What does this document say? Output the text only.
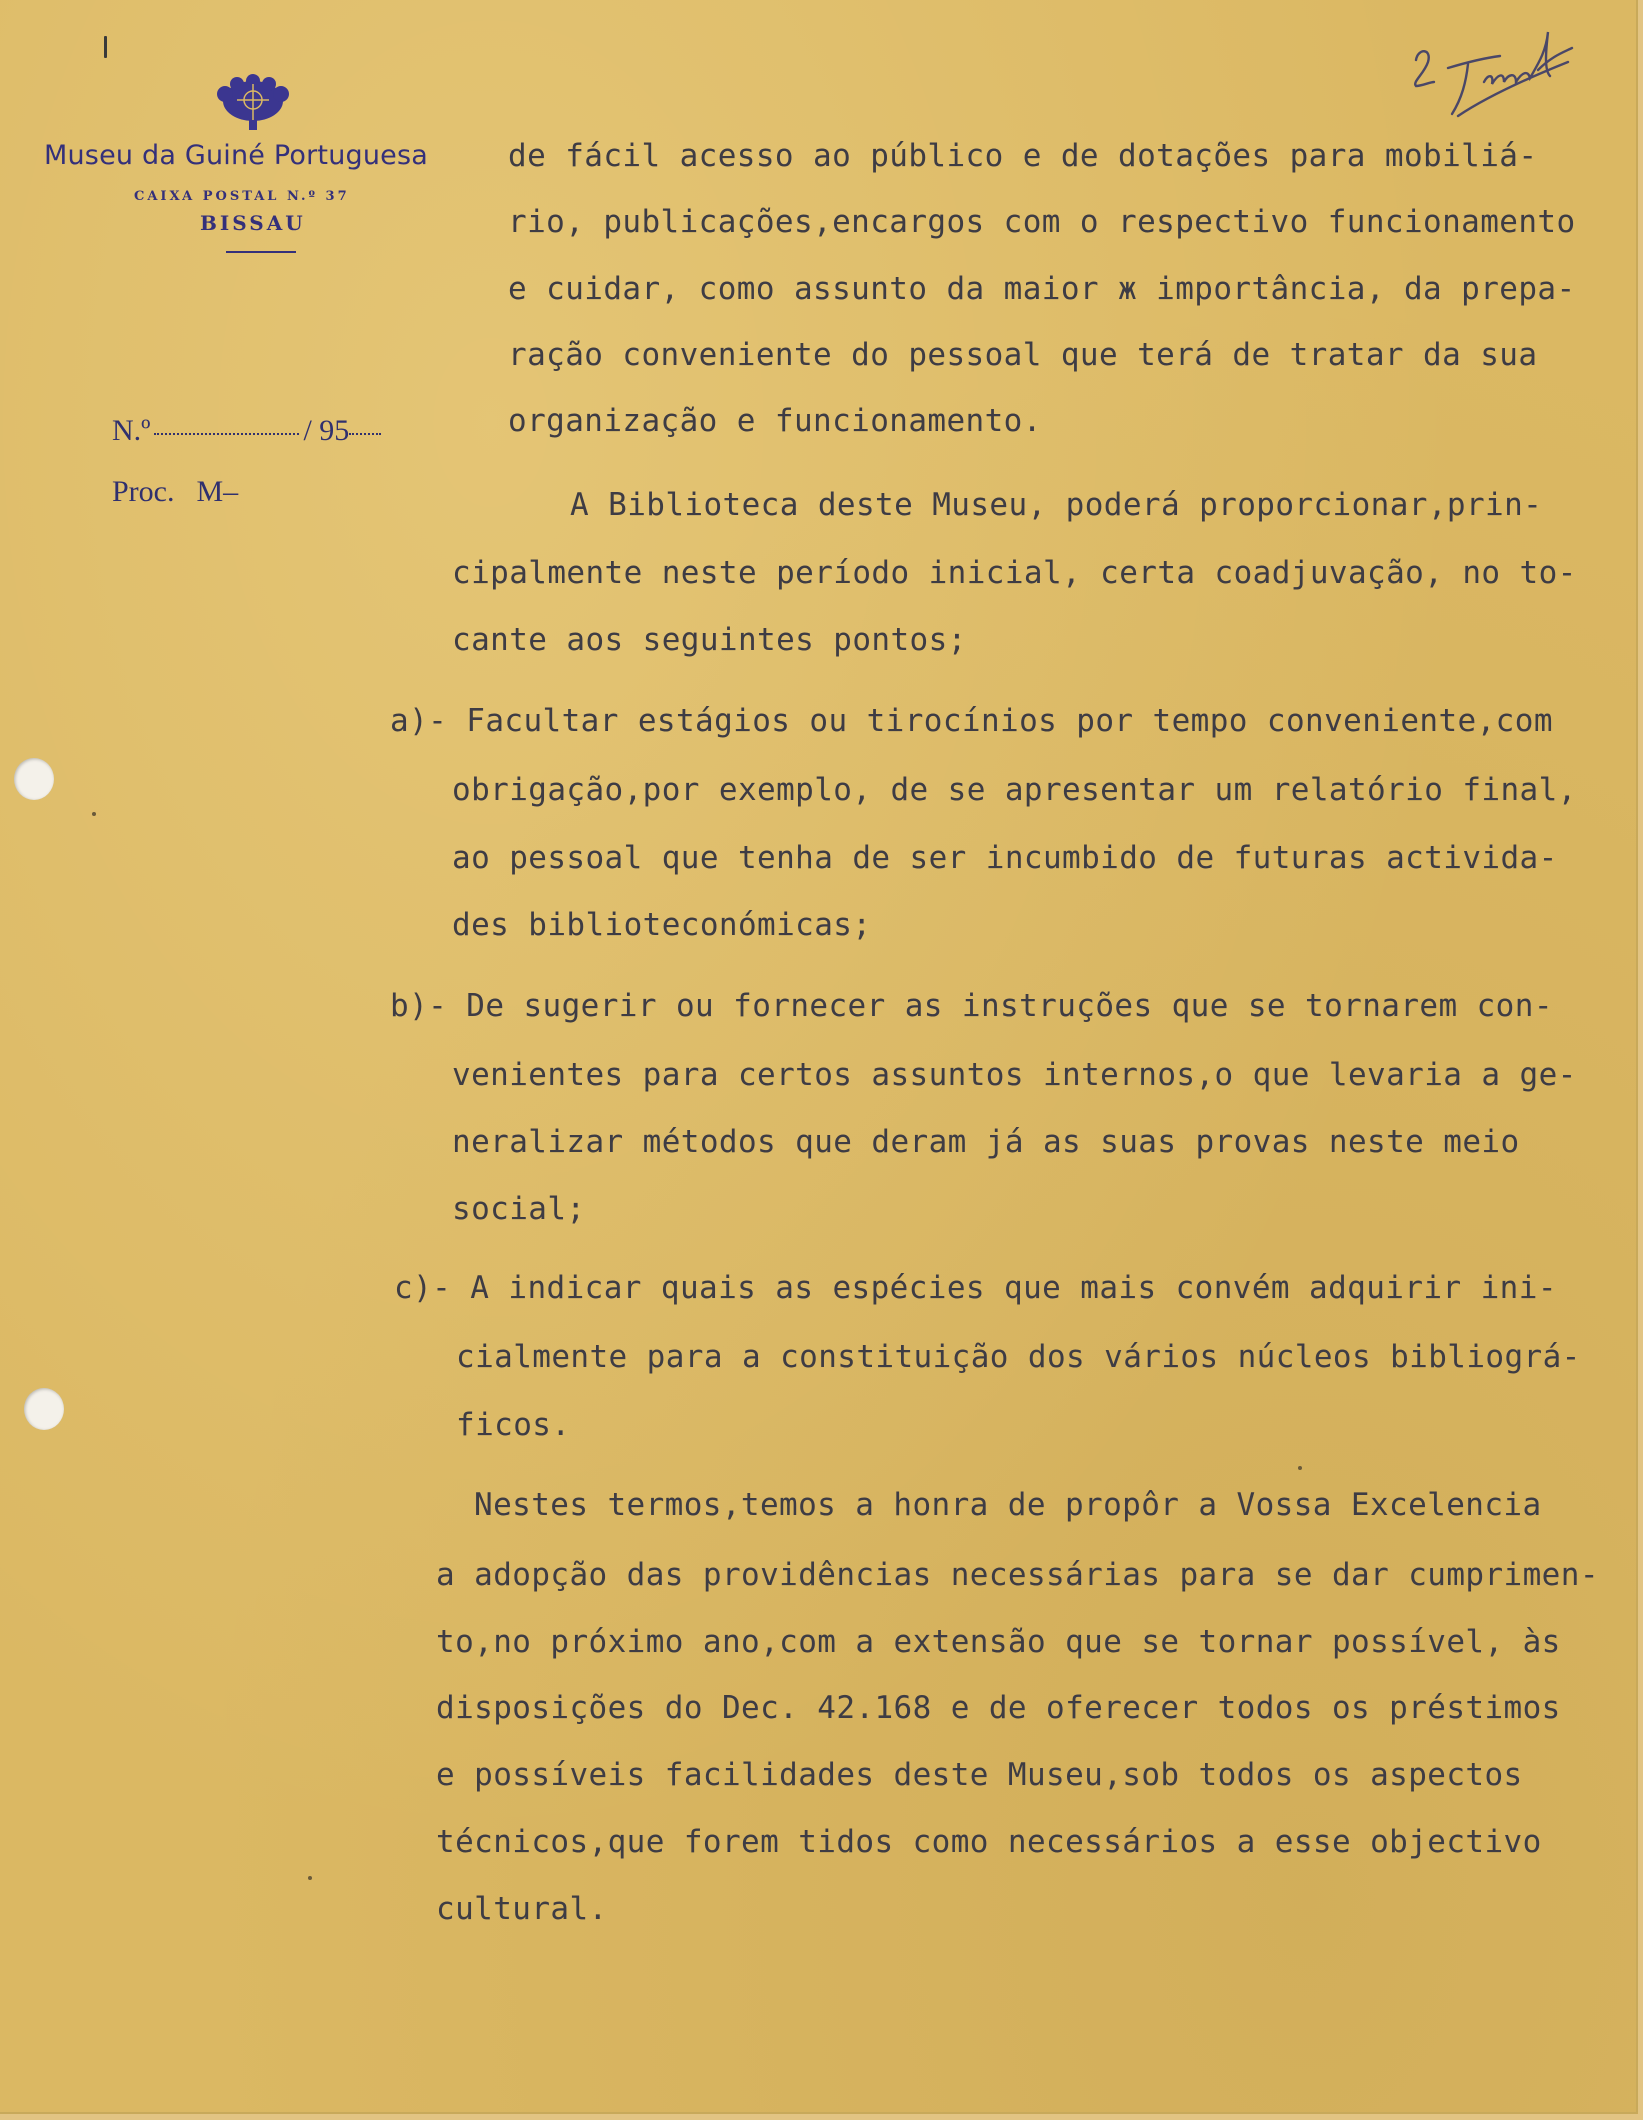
Museu da Guiné Portuguesa
CAIXA POSTAL N.º 37
BISSAU
N.º	/ 95
Proc. M–
de fácil acesso ao público e de dotações para mobiliá-
rio, publicações,encargos com o respectivo funcionamento
e cuidar, como assunto da maior ж importância, da prepa-
ração conveniente do pessoal que terá de tratar da sua
organização e funcionamento.
A Biblioteca deste Museu, poderá proporcionar,prin-
cipalmente neste período inicial, certa coadjuvação, no to-
cante aos seguintes pontos;
a)- Facultar estágios ou tirocínios por tempo conveniente,com
obrigação,por exemplo, de se apresentar um relatório final,
ao pessoal que tenha de ser incumbido de futuras activida-
des biblioteconómicas;
b)- De sugerir ou fornecer as instruções que se tornarem con-
venientes para certos assuntos internos,o que levaria a ge-
neralizar métodos que deram já as suas provas neste meio
social;
c)- A indicar quais as espécies que mais convém adquirir ini-
cialmente para a constituição dos vários núcleos bibliográ-
ficos.
Nestes termos,temos a honra de propôr a Vossa Excelencia
a adopção das providências necessárias para se dar cumprimen-
to,no próximo ano,com a extensão que se tornar possível, às
disposições do Dec. 42.168 e de oferecer todos os préstimos
e possíveis facilidades deste Museu,sob todos os aspectos
técnicos,que forem tidos como necessários a esse objectivo
cultural.
